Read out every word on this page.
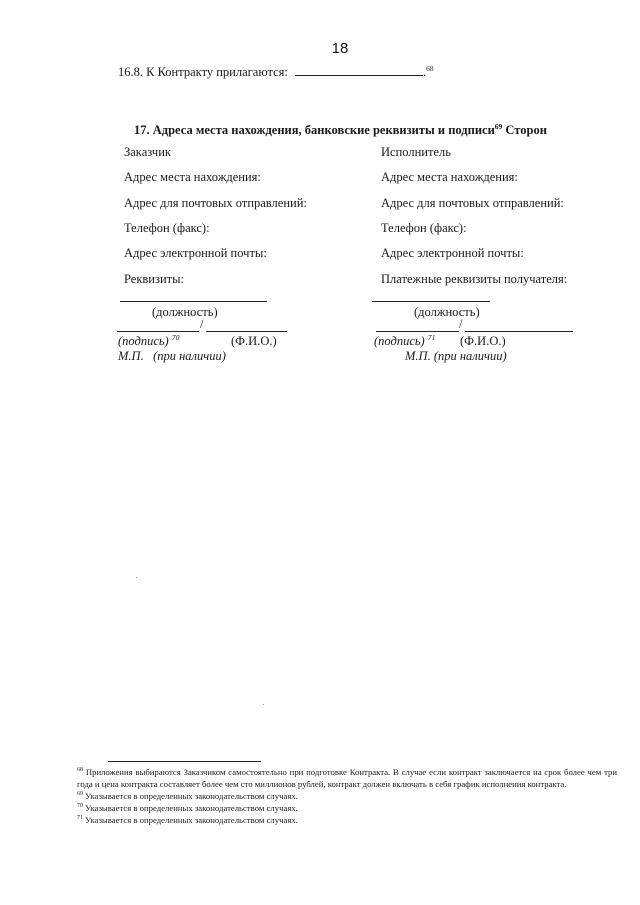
18
16.8. К Контракту прилагаются:	.$^{68}$
17. Адреса места нахождения, банковские реквизиты и подписи$^{69}$ Сторон
Заказчик
Адрес места нахождения:
Адрес для почтовых отправлений:
Телефон (факс):
Адрес электронной почты:
Реквизиты:
Исполнитель
Адрес места нахождения:
Адрес для почтовых отправлений:
Телефон (факс):
Адрес электронной почты:
Платежные реквизиты получателя:
(должность)
/
(подпись) $^{70}$	(Ф.И.О.)
М.П.   (при наличии)
(должность)
/
(подпись) $^{71}$ (Ф.И.О.)
М.П. (при наличии)

$^{68}$ Приложения выбираются Заказчиком самостоятельно при подготовке Контракта. В случае если контракт заключается на срок более чем три года и цена контракта составляет более чем сто миллионов рублей, контракт должен включать в себя график исполнения контракта.

$^{69}$ Указывается в определенных законодательством случаях.

$^{70}$ Указывается в определенных законодательством случаях.

$^{71}$ Указывается в определенных законодательством случаях.
